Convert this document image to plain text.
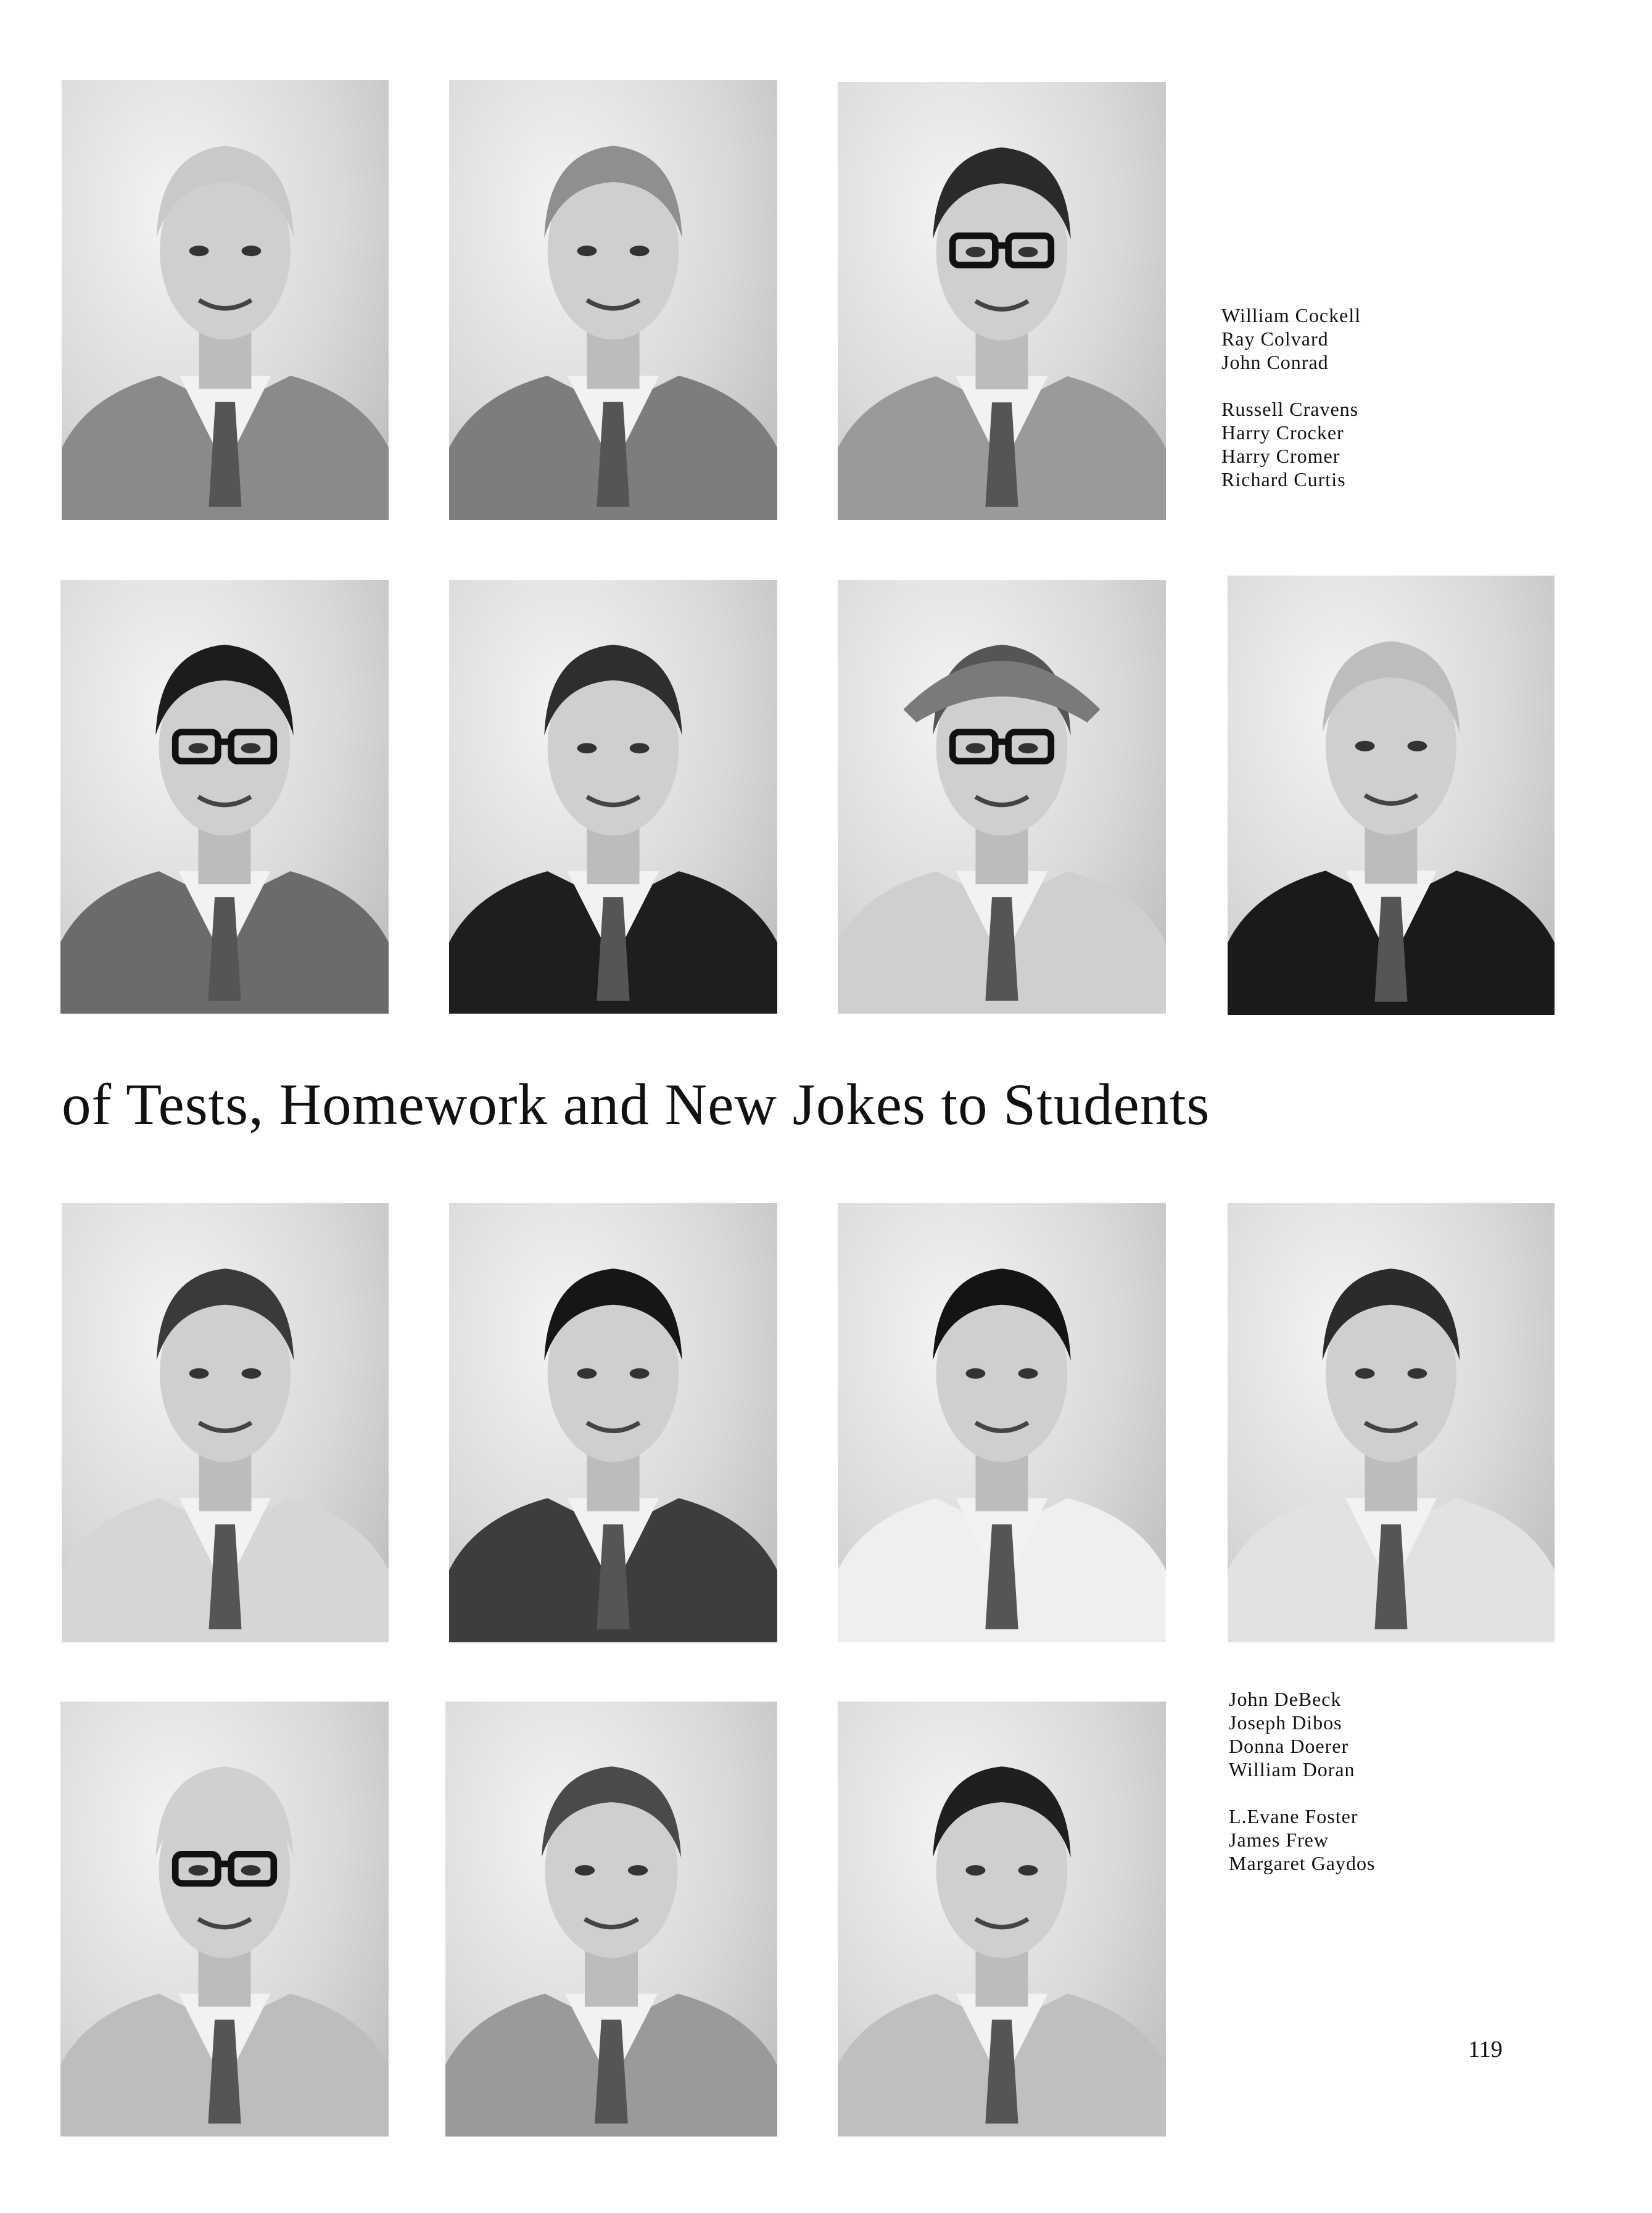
William Cockell
Ray Colvard
John Conrad
Russell Cravens
Harry Crocker
Harry Cromer
Richard Curtis
of Tests, Homework and New Jokes to Students
John DeBeck
Joseph Dibos
Donna Doerer
William Doran
L.Evane Foster
James Frew
Margaret Gaydos
119
